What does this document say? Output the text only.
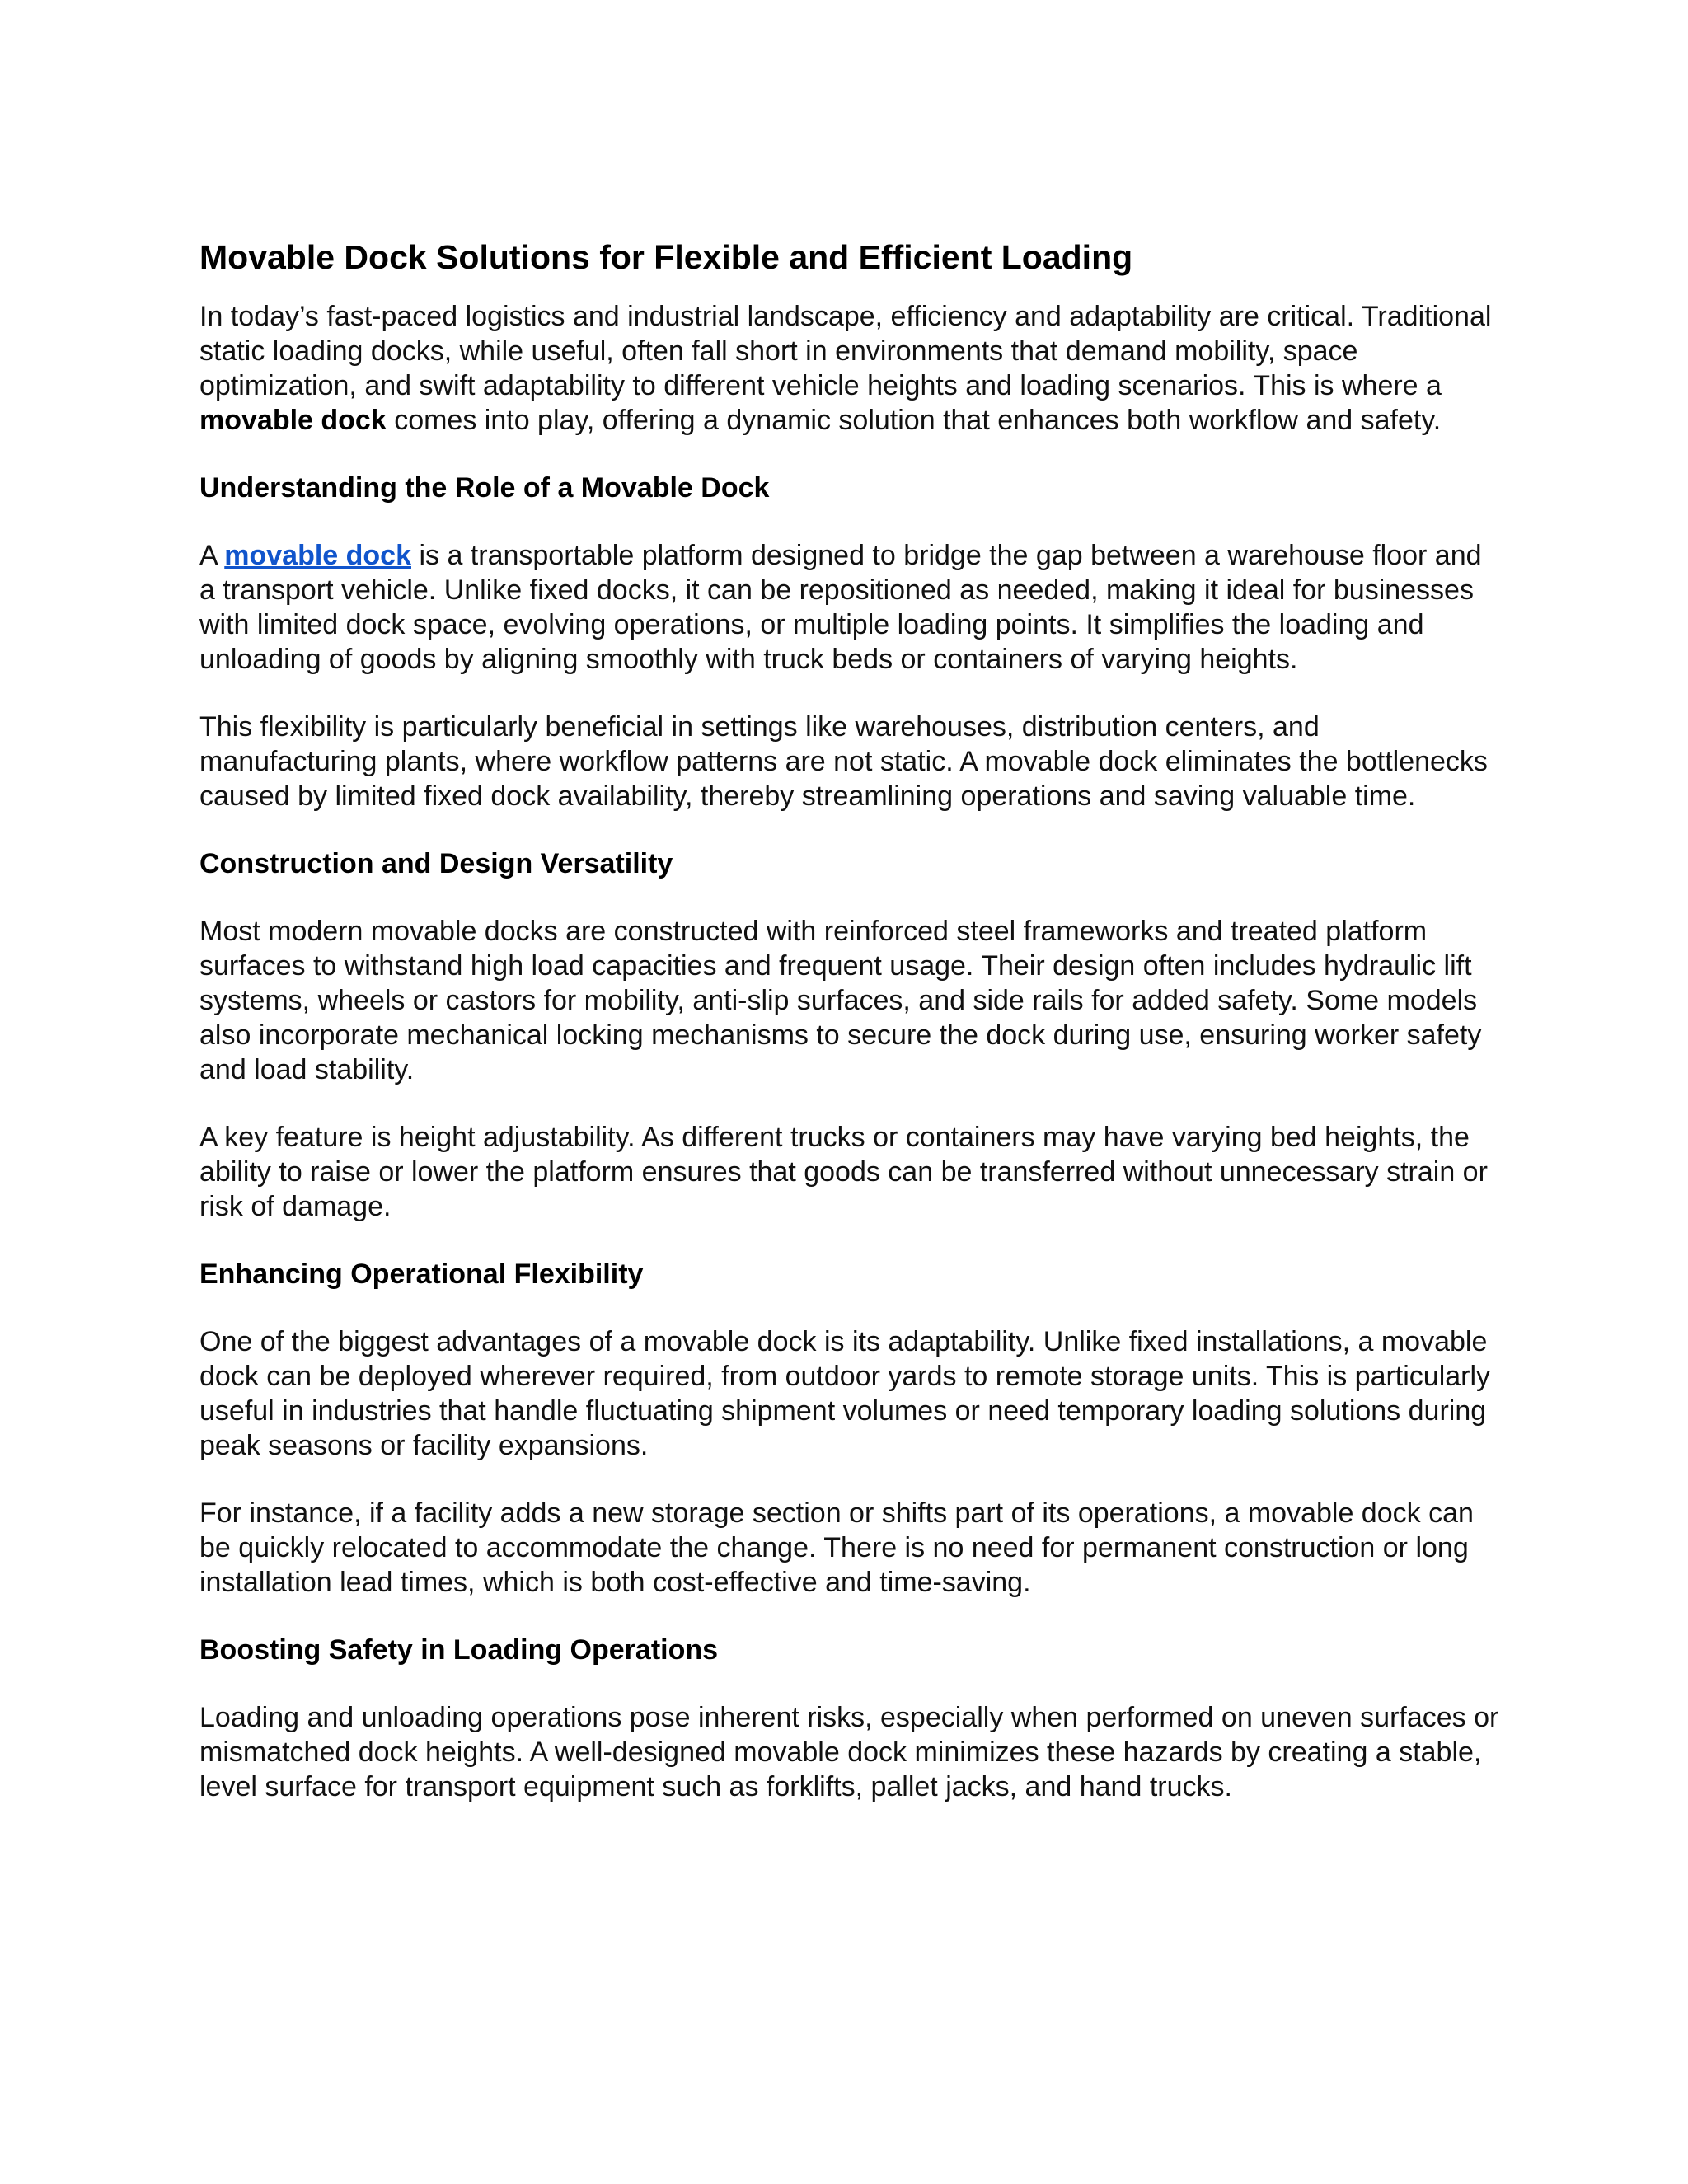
Movable Dock Solutions for Flexible and Efficient Loading

In today’s fast-paced logistics and industrial landscape, efficiency and adaptability are critical. Traditional static loading docks, while useful, often fall short in environments that demand mobility, space optimization, and swift adaptability to different vehicle heights and loading scenarios. This is where a movable dock comes into play, offering a dynamic solution that enhances both workflow and safety.

Understanding the Role of a Movable Dock

A movable dock is a transportable platform designed to bridge the gap between a warehouse floor and a transport vehicle. Unlike fixed docks, it can be repositioned as needed, making it ideal for businesses with limited dock space, evolving operations, or multiple loading points. It simplifies the loading and unloading of goods by aligning smoothly with truck beds or containers of varying heights.

This flexibility is particularly beneficial in settings like warehouses, distribution centers, and manufacturing plants, where workflow patterns are not static. A movable dock eliminates the bottlenecks caused by limited fixed dock availability, thereby streamlining operations and saving valuable time.

Construction and Design Versatility

Most modern movable docks are constructed with reinforced steel frameworks and treated platform surfaces to withstand high load capacities and frequent usage. Their design often includes hydraulic lift systems, wheels or castors for mobility, anti-slip surfaces, and side rails for added safety. Some models also incorporate mechanical locking mechanisms to secure the dock during use, ensuring worker safety and load stability.

A key feature is height adjustability. As different trucks or containers may have varying bed heights, the ability to raise or lower the platform ensures that goods can be transferred without unnecessary strain or risk of damage.

Enhancing Operational Flexibility

One of the biggest advantages of a movable dock is its adaptability. Unlike fixed installations, a movable dock can be deployed wherever required, from outdoor yards to remote storage units. This is particularly useful in industries that handle fluctuating shipment volumes or need temporary loading solutions during peak seasons or facility expansions.

For instance, if a facility adds a new storage section or shifts part of its operations, a movable dock can be quickly relocated to accommodate the change. There is no need for permanent construction or long installation lead times, which is both cost-effective and time-saving.

Boosting Safety in Loading Operations

Loading and unloading operations pose inherent risks, especially when performed on uneven surfaces or mismatched dock heights. A well-designed movable dock minimizes these hazards by creating a stable, level surface for transport equipment such as forklifts, pallet jacks, and hand trucks.
